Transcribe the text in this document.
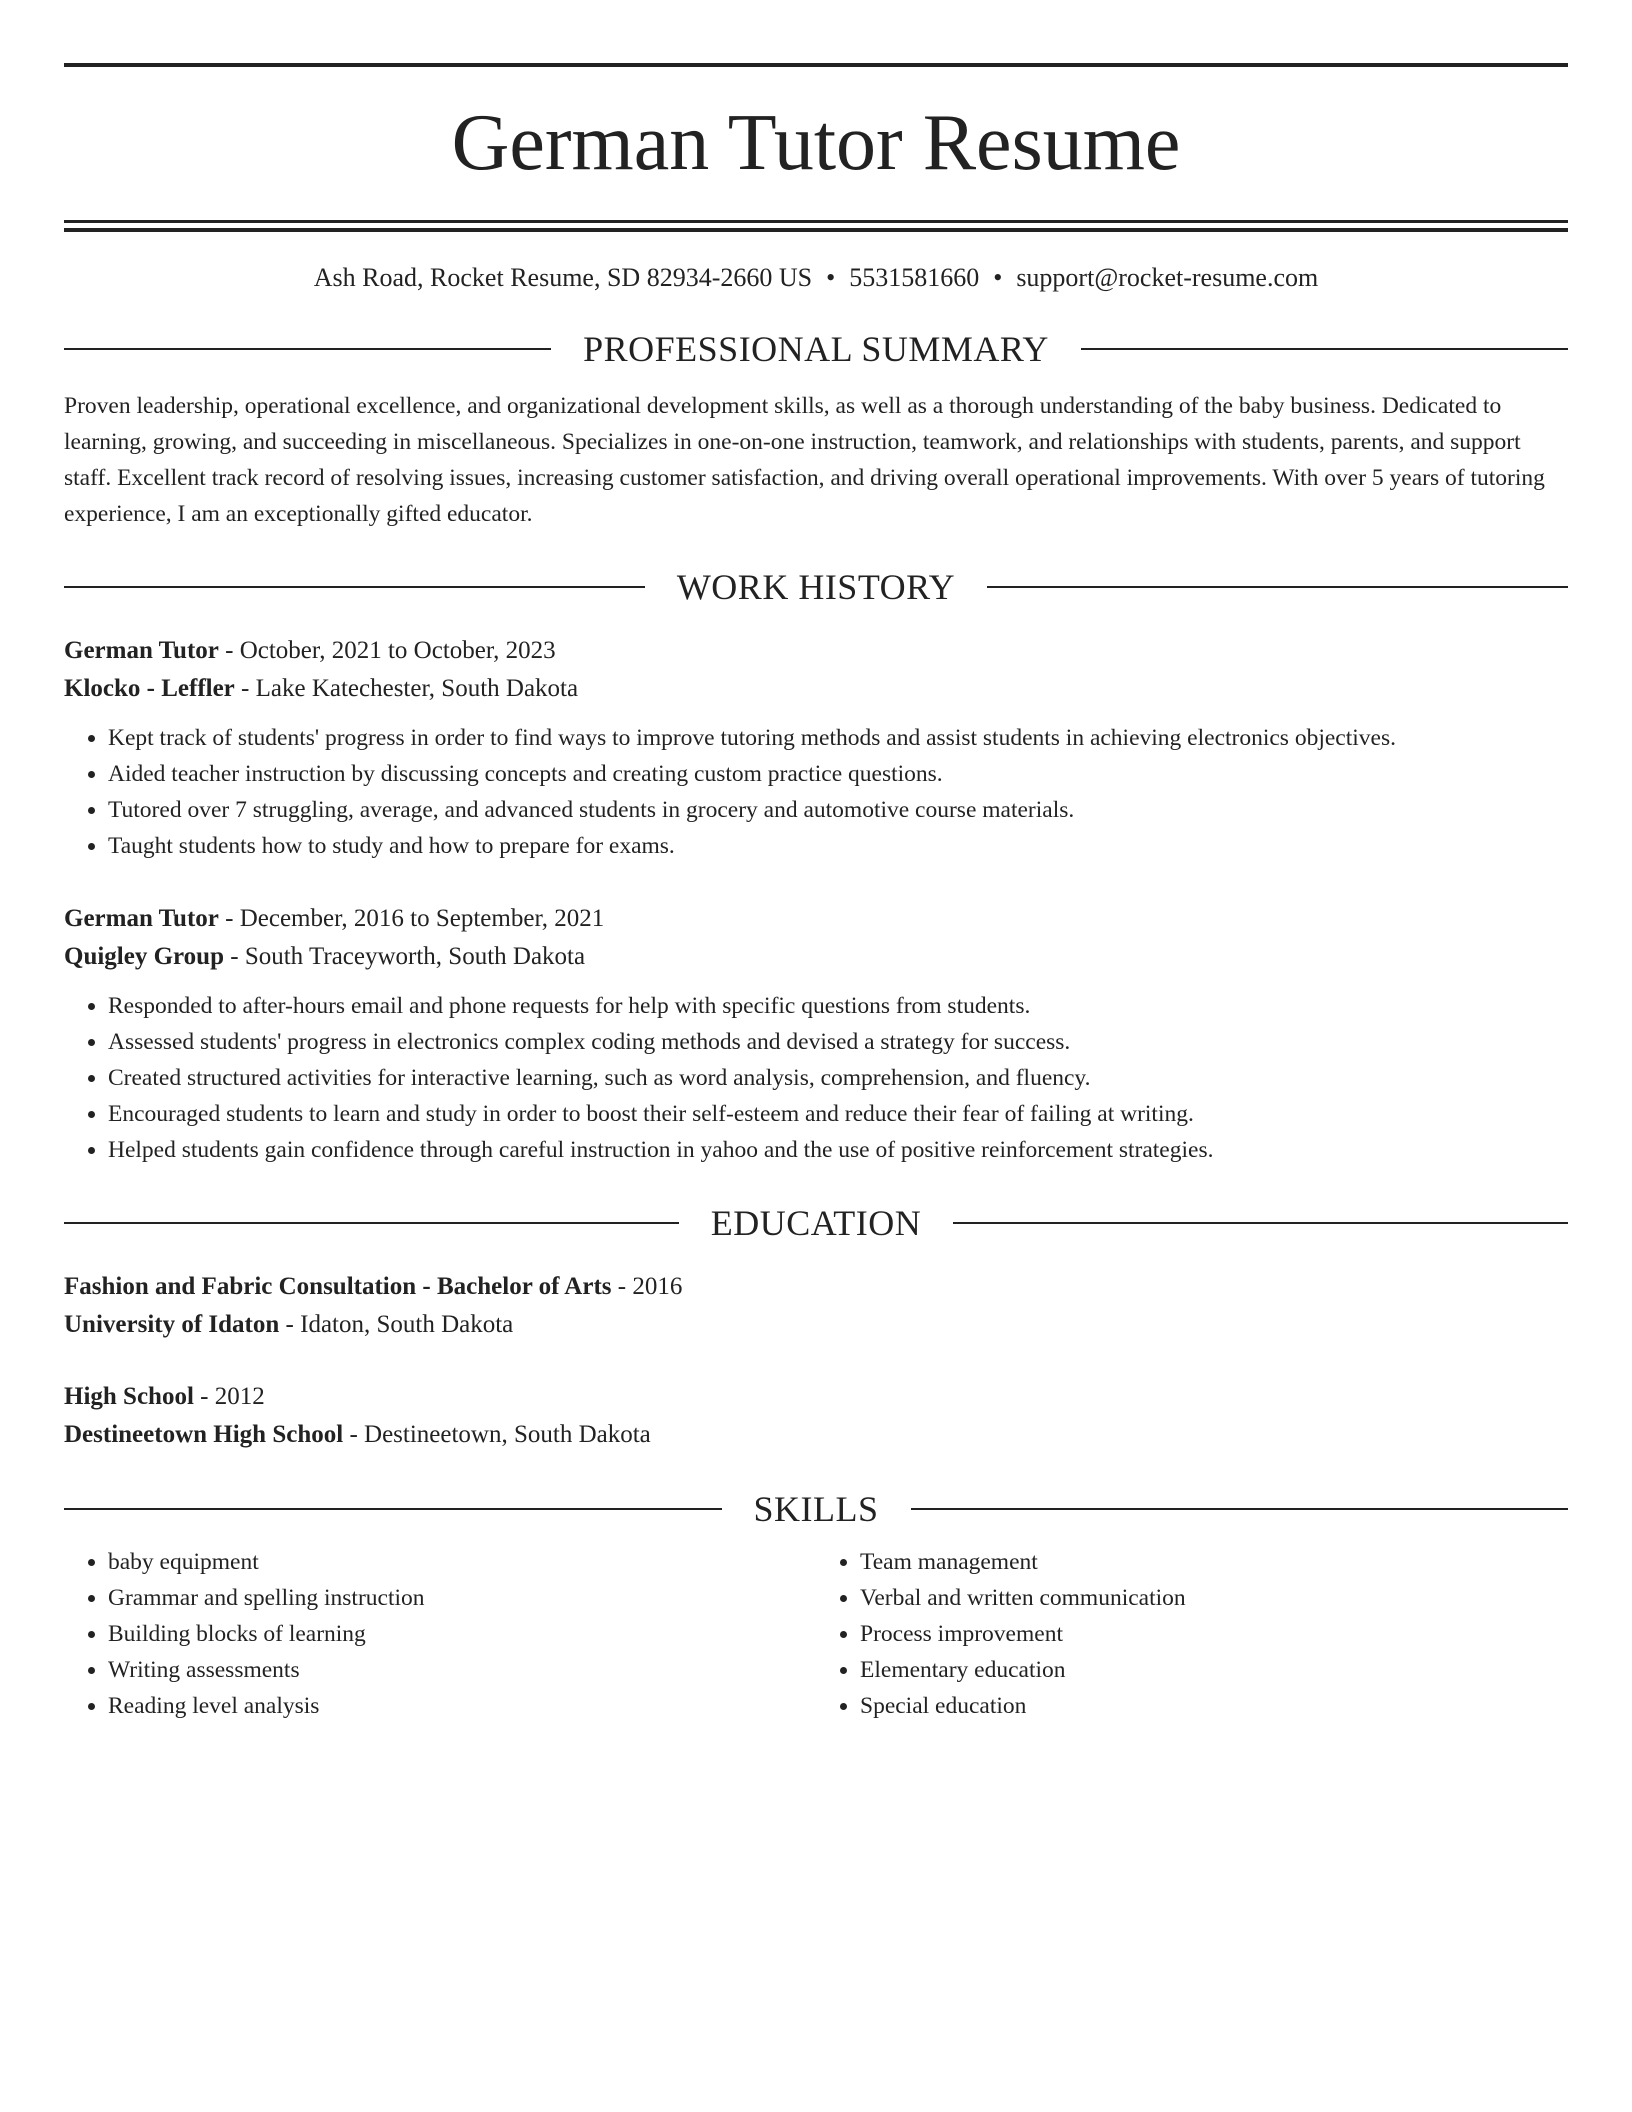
German Tutor Resume
Ash Road, Rocket Resume, SD 82934-2660 US • 5531581660 • support@rocket-resume.com
PROFESSIONAL SUMMARY
Proven leadership, operational excellence, and organizational development skills, as well as a thorough understanding of the baby business. Dedicated to learning, growing, and succeeding in miscellaneous. Specializes in one-on-one instruction, teamwork, and relationships with students, parents, and support staff. Excellent track record of resolving issues, increasing customer satisfaction, and driving overall operational improvements. With over 5 years of tutoring experience, I am an exceptionally gifted educator.
WORK HISTORY
German Tutor - October, 2021 to October, 2023
Klocko - Leffler - Lake Katechester, South Dakota
• Kept track of students' progress in order to find ways to improve tutoring methods and assist students in achieving electronics objectives.
• Aided teacher instruction by discussing concepts and creating custom practice questions.
• Tutored over 7 struggling, average, and advanced students in grocery and automotive course materials.
• Taught students how to study and how to prepare for exams.
German Tutor - December, 2016 to September, 2021
Quigley Group - South Traceyworth, South Dakota
• Responded to after-hours email and phone requests for help with specific questions from students.
• Assessed students' progress in electronics complex coding methods and devised a strategy for success.
• Created structured activities for interactive learning, such as word analysis, comprehension, and fluency.
• Encouraged students to learn and study in order to boost their self-esteem and reduce their fear of failing at writing.
• Helped students gain confidence through careful instruction in yahoo and the use of positive reinforcement strategies.
EDUCATION
Fashion and Fabric Consultation - Bachelor of Arts - 2016
University of Idaton - Idaton, South Dakota
High School - 2012
Destineetown High School - Destineetown, South Dakota
SKILLS
• baby equipment
• Grammar and spelling instruction
• Building blocks of learning
• Writing assessments
• Reading level analysis
• Team management
• Verbal and written communication
• Process improvement
• Elementary education
• Special education
